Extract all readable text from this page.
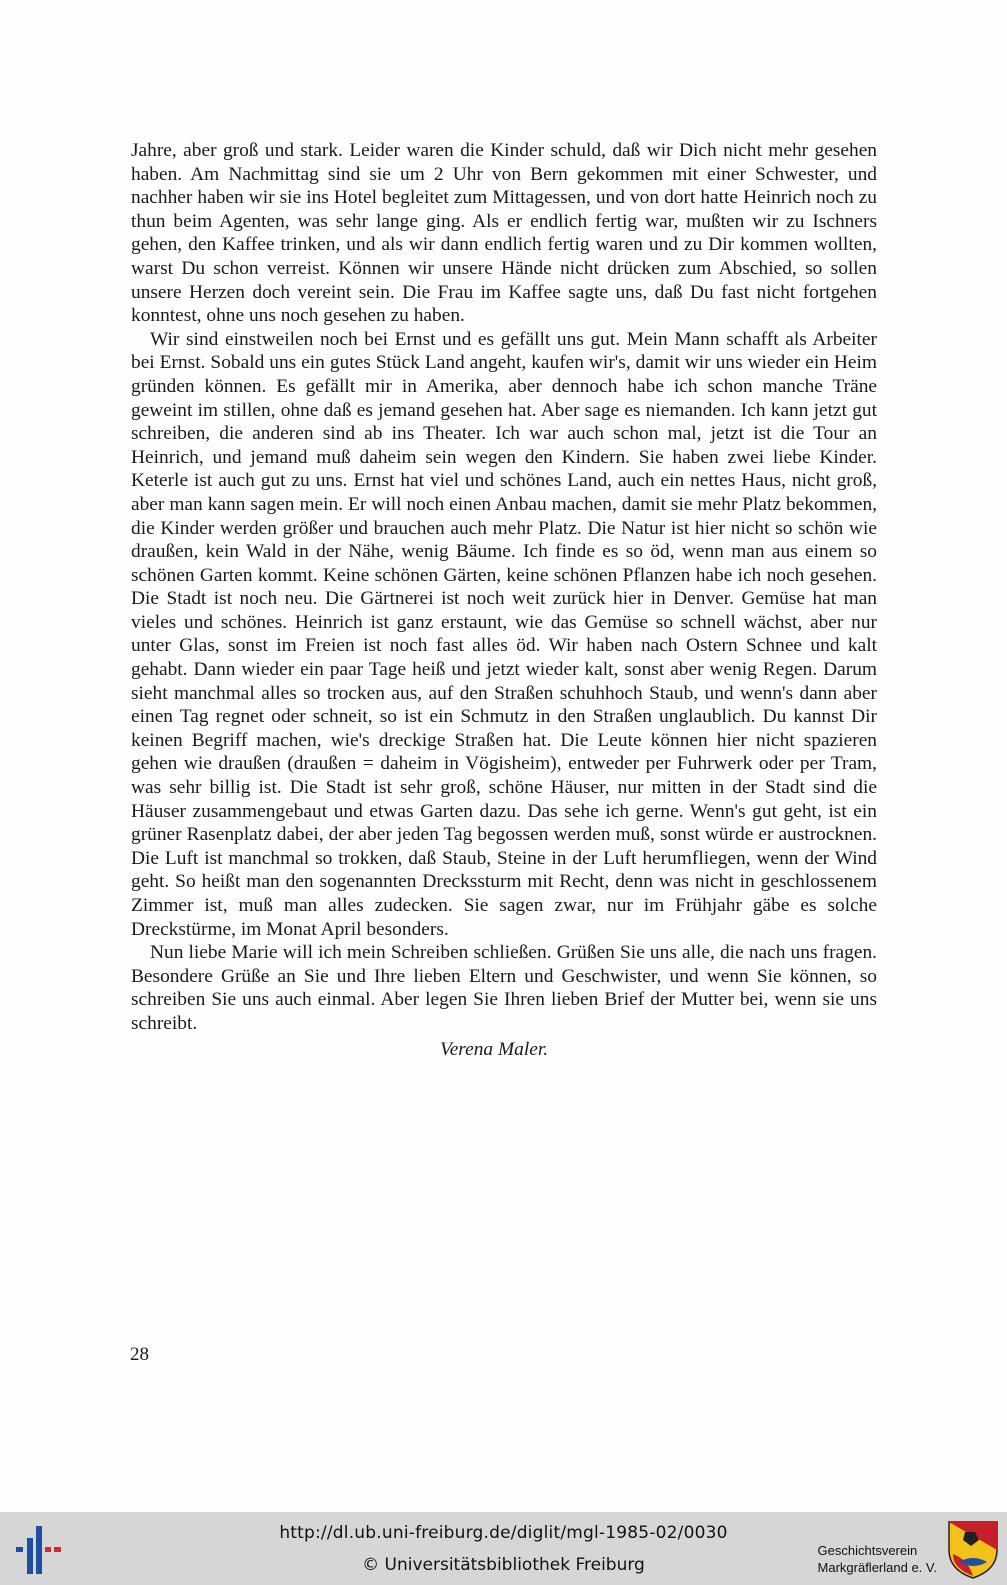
Jahre, aber groß und stark. Leider waren die Kinder schuld, daß wir Dich nicht mehr gesehen haben. Am Nachmittag sind sie um 2 Uhr von Bern gekommen mit einer Schwester, und nachher haben wir sie ins Hotel begleitet zum Mittagessen, und von dort hatte Heinrich noch zu thun beim Agenten, was sehr lange ging. Als er endlich fertig war, mußten wir zu Ischners gehen, den Kaffee trinken, und als wir dann endlich fertig waren und zu Dir kommen wollten, warst Du schon verreist. Können wir unsere Hände nicht drücken zum Abschied, so sollen unsere Herzen doch vereint sein. Die Frau im Kaffee sagte uns, daß Du fast nicht fortgehen konntest, ohne uns noch gesehen zu haben.

Wir sind einstweilen noch bei Ernst und es gefällt uns gut. Mein Mann schafft als Arbeiter bei Ernst. Sobald uns ein gutes Stück Land angeht, kaufen wir's, damit wir uns wieder ein Heim gründen können. Es gefällt mir in Amerika, aber dennoch habe ich schon manche Träne geweint im stillen, ohne daß es jemand gesehen hat. Aber sage es niemanden. Ich kann jetzt gut schreiben, die anderen sind ab ins Theater. Ich war auch schon mal, jetzt ist die Tour an Heinrich, und jemand muß daheim sein wegen den Kindern. Sie haben zwei liebe Kinder. Keterle ist auch gut zu uns. Ernst hat viel und schönes Land, auch ein nettes Haus, nicht groß, aber man kann sagen mein. Er will noch einen Anbau machen, damit sie mehr Platz bekommen, die Kinder werden größer und brauchen auch mehr Platz. Die Natur ist hier nicht so schön wie draußen, kein Wald in der Nähe, wenig Bäume. Ich finde es so öd, wenn man aus einem so schönen Garten kommt. Keine schönen Gärten, keine schönen Pflanzen habe ich noch gesehen. Die Stadt ist noch neu. Die Gärtnerei ist noch weit zurück hier in Denver. Gemüse hat man vieles und schönes. Heinrich ist ganz erstaunt, wie das Gemüse so schnell wächst, aber nur unter Glas, sonst im Freien ist noch fast alles öd. Wir haben nach Ostern Schnee und kalt gehabt. Dann wieder ein paar Tage heiß und jetzt wieder kalt, sonst aber wenig Regen. Darum sieht manchmal alles so trocken aus, auf den Straßen schuhhoch Staub, und wenn's dann aber einen Tag regnet oder schneit, so ist ein Schmutz in den Straßen unglaublich. Du kannst Dir keinen Begriff machen, wie's dreckige Straßen hat. Die Leute können hier nicht spazieren gehen wie draußen (draußen = daheim in Vögisheim), entweder per Fuhrwerk oder per Tram, was sehr billig ist. Die Stadt ist sehr groß, schöne Häuser, nur mitten in der Stadt sind die Häuser zusammengebaut und etwas Garten dazu. Das sehe ich gerne. Wenn's gut geht, ist ein grüner Rasenplatz dabei, der aber jeden Tag begossen werden muß, sonst würde er austrocknen. Die Luft ist manchmal so trokken, daß Staub, Steine in der Luft herumfliegen, wenn der Wind geht. So heißt man den sogenannten Dreckssturm mit Recht, denn was nicht in geschlossenem Zimmer ist, muß man alles zudecken. Sie sagen zwar, nur im Frühjahr gäbe es solche Dreckstürme, im Monat April besonders.

Nun liebe Marie will ich mein Schreiben schließen. Grüßen Sie uns alle, die nach uns fragen. Besondere Grüße an Sie und Ihre lieben Eltern und Geschwister, und wenn Sie können, so schreiben Sie uns auch einmal. Aber legen Sie Ihren lieben Brief der Mutter bei, wenn sie uns schreibt.

Verena Maler.

28
http://dl.ub.uni-freiburg.de/diglit/mgl-1985-02/0030
© Universitätsbibliothek Freiburg
Geschichtsverein
Markgräflerland e. V.
